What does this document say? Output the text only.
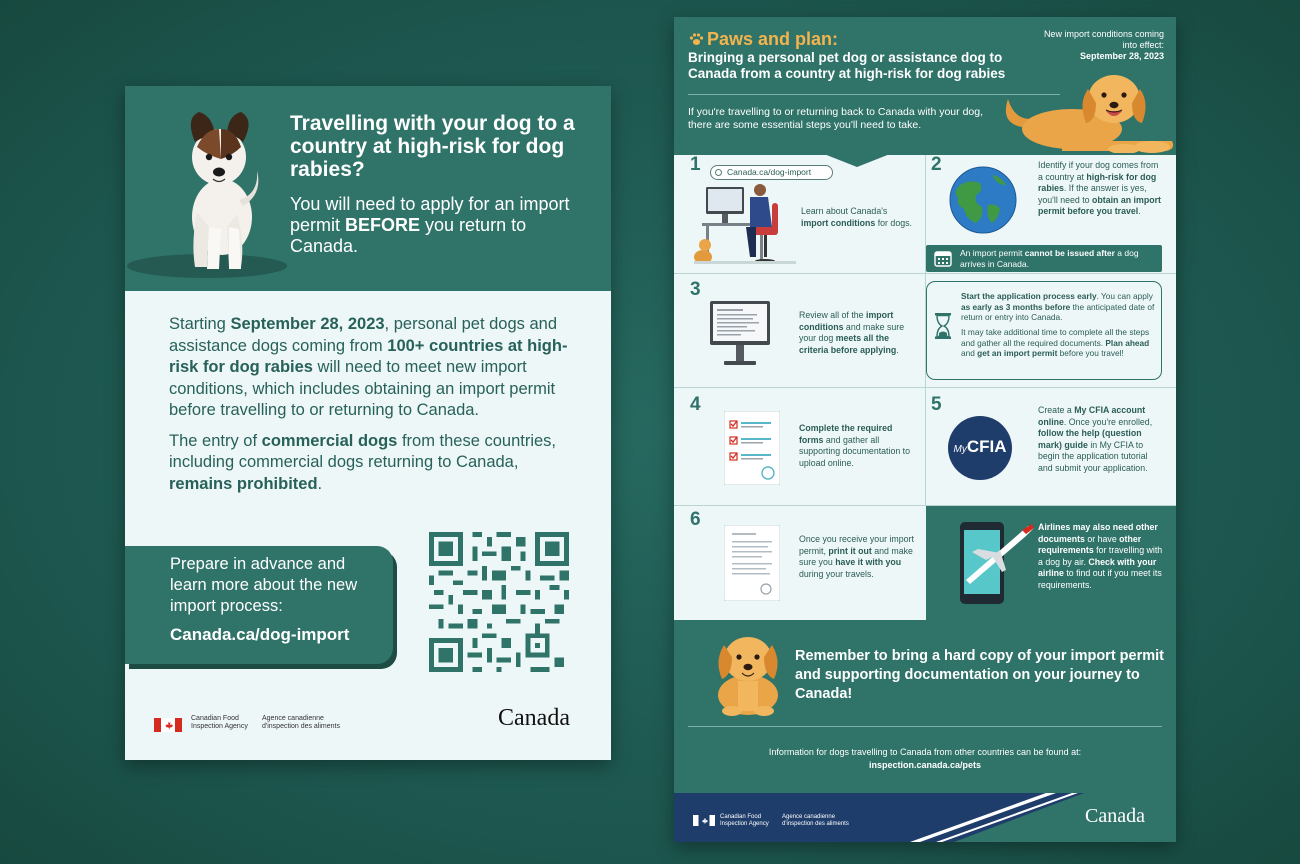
Travelling with your dog to a country at high-risk for dog rabies?
You will need to apply for an import permit BEFORE you return to Canada.

Starting September 28, 2023, personal pet dogs and assistance dogs coming from 100+ countries at high-risk for dog rabies will need to meet new import conditions, which includes obtaining an import permit before travelling to or returning to Canada.

The entry of commercial dogs from these countries, including commercial dogs returning to Canada, remains prohibited.

Prepare in advance and learn more about the new import process:
Canada.ca/dog-import
Canadian Food
Inspection Agency
Agence canadienne
d'inspection des aliments	Canada
Paws and plan:
Bringing a personal pet dog or assistance dog to Canada from a country at high-risk for dog rabies
New import conditions coming into effect:
September 28, 2023
If you're travelling to or returning back to Canada with your dog, there are some essential steps you'll need to take.
1	Canada.ca/dog-import
Learn about Canada's import conditions for dogs.
2	Identify if your dog comes from a country at high-risk for dog rabies. If the answer is yes, you'll need to obtain an import permit before you travel.
An import permit cannot be issued after a dog arrives in Canada.
3
Review all of the import conditions and make sure your dog meets all the criteria before applying.
Start the application process early. You can apply as early as 3 months before the anticipated date of return or entry into Canada.
It may take additional time to complete all the steps and gather all the required documents. Plan ahead and get an import permit before you travel!
4
Complete the required forms and gather all supporting documentation to upload online.
5
MyCFIA
Create a My CFIA account online. Once you're enrolled, follow the help (question mark) guide in My CFIA to begin the application tutorial and submit your application.
6
Once you receive your import permit, print it out and make sure you have it with you during your travels.
Airlines may also need other documents or have other requirements for travelling with a dog by air. Check with your airline to find out if you meet its requirements.
Remember to bring a hard copy of your import permit and supporting documentation on your journey to Canada!
Information for dogs travelling to Canada from other countries can be found at:
inspection.canada.ca/pets
Canadian Food
Inspection Agency
Agence canadienne
d'inspection des aliments	Canada
